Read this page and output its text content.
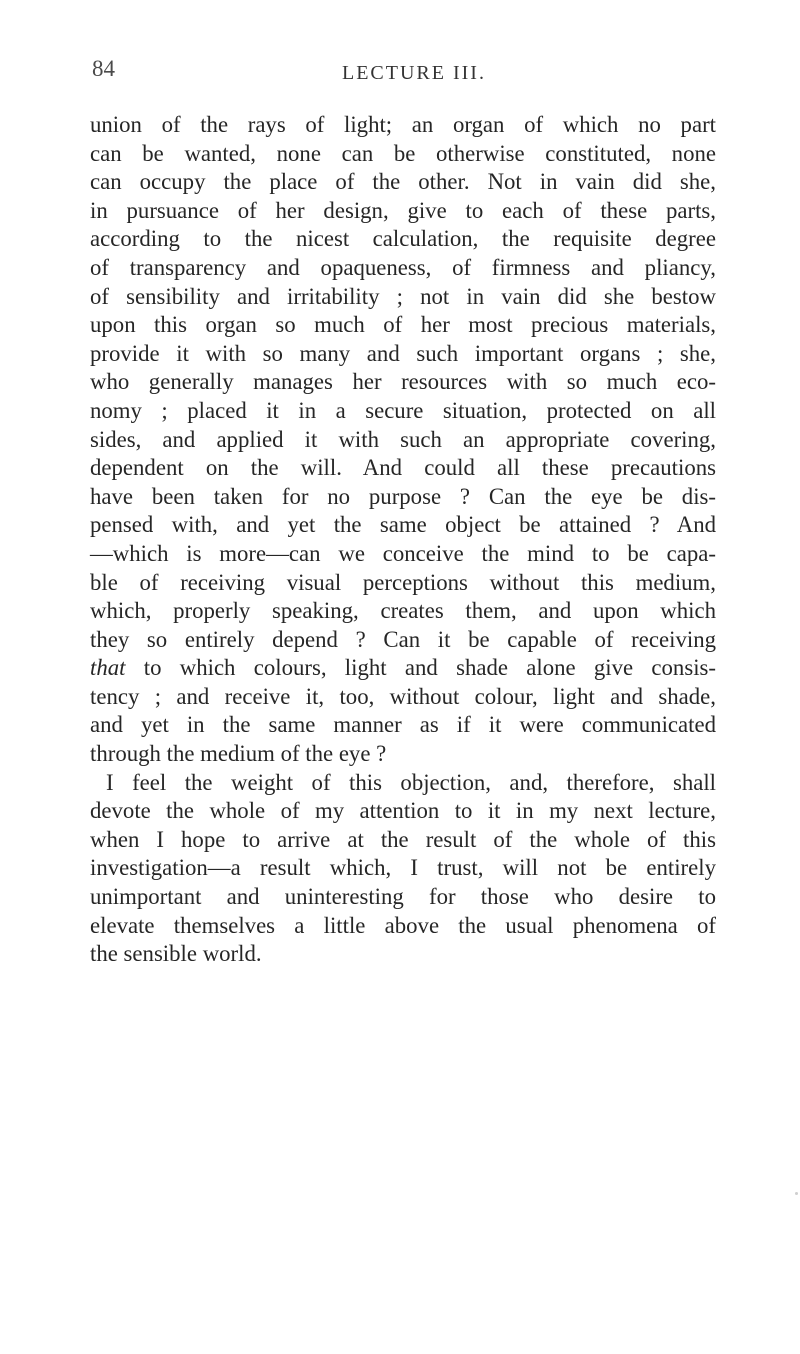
84	LECTURE III.
union of the rays of light; an organ of which no part
can be wanted, none can be otherwise constituted, none
can occupy the place of the other. Not in vain did she,
in pursuance of her design, give to each of these parts,
according to the nicest calculation, the requisite degree
of transparency and opaqueness, of firmness and pliancy,
of sensibility and irritability ; not in vain did she bestow
upon this organ so much of her most precious materials,
provide it with so many and such important organs ; she,
who generally manages her resources with so much eco-
nomy ; placed it in a secure situation, protected on all
sides, and applied it with such an appropriate covering,
dependent on the will. And could all these precautions
have been taken for no purpose ? Can the eye be dis-
pensed with, and yet the same object be attained ? And
—which is more—can we conceive the mind to be capa-
ble of receiving visual perceptions without this medium,
which, properly speaking, creates them, and upon which
they so entirely depend ? Can it be capable of receiving
that to which colours, light and shade alone give consis-
tency ; and receive it, too, without colour, light and shade,
and yet in the same manner as if it were communicated
through the medium of the eye ?
I feel the weight of this objection, and, therefore, shall
devote the whole of my attention to it in my next lecture,
when I hope to arrive at the result of the whole of this
investigation—a result which, I trust, will not be entirely
unimportant and uninteresting for those who desire to
elevate themselves a little above the usual phenomena of
the sensible world.
